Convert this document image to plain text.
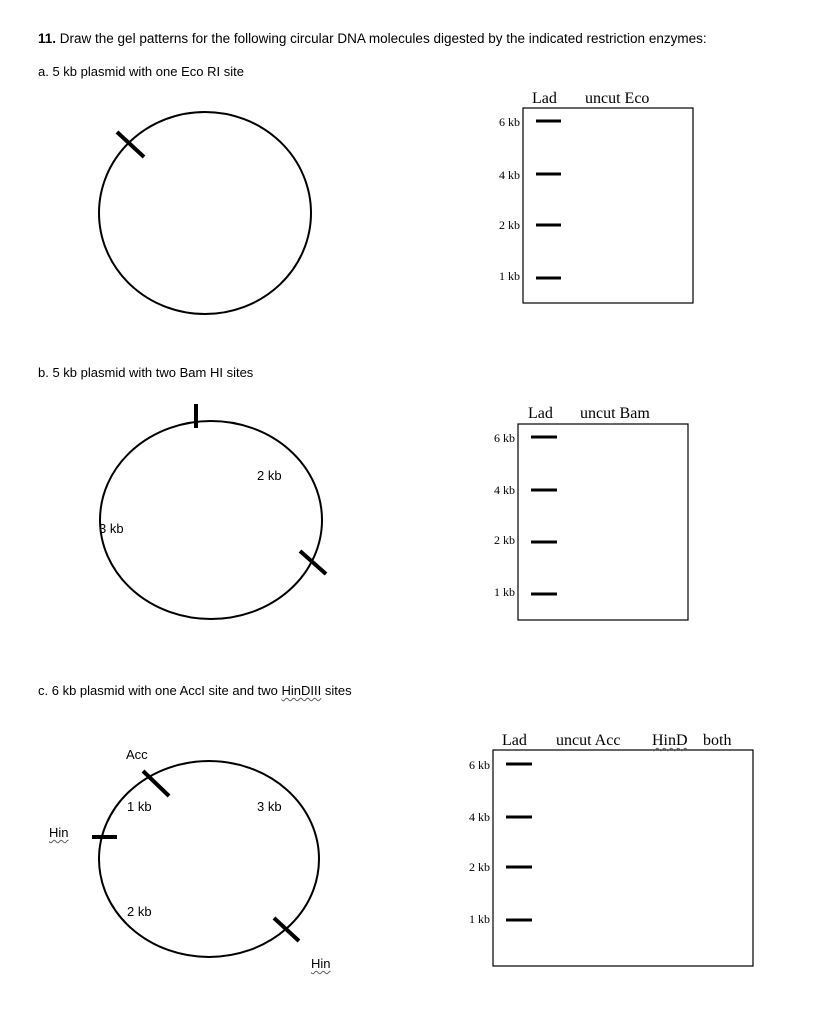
11. Draw the gel patterns for the following circular DNA molecules digested by the indicated restriction enzymes:
a. 5 kb plasmid with one Eco RI site
Lad uncut Eco
6 kb
4 kb
2 kb
1 kb
b. 5 kb plasmid with two Bam HI sites
2 kb
3 kb
Lad uncut Bam
6 kb
4 kb
2 kb
1 kb
c. 6 kb plasmid with one AccI site and two HinDIII sites
Acc
Hin
Hin
1 kb	3 kb
2 kb
Lad uncut Acc HinD both
6 kb
4 kb
2 kb
1 kb
